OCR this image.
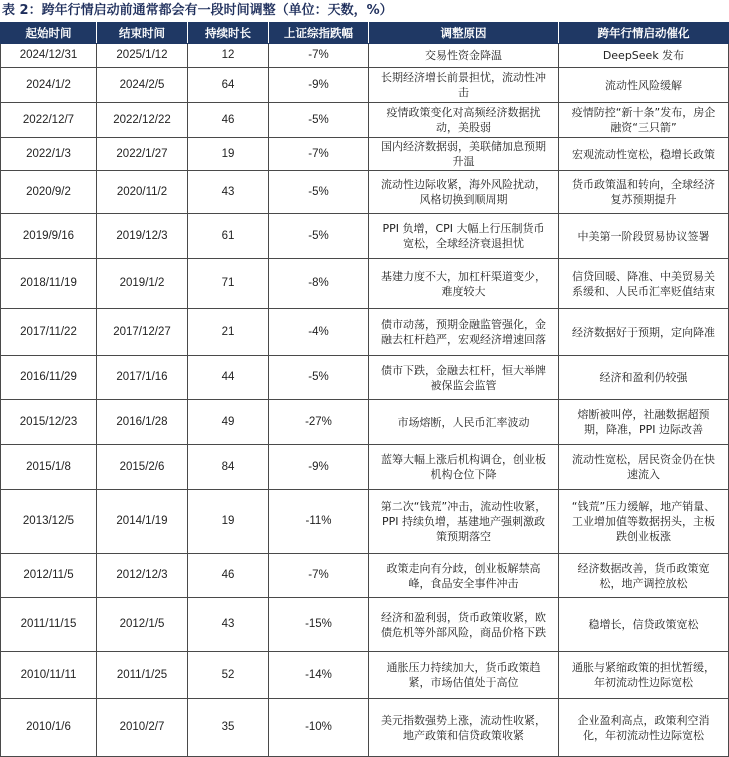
表 2：跨年行情启动前通常都会有一段时间调整（单位：天数，%）
起始时间	结束时间	持续时长	上证综指跌幅	调整原因	跨年行情启动催化
2024/12/31	2025/1/12	12	-7%	交易性资金降温	DeepSeek 发布
2024/1/2	2024/2/5	64	-9%	长期经济增长前景担忧，流动性冲击	流动性风险缓解
2022/12/7	2022/12/22	46	-5%	疫情政策变化对高频经济数据扰动，美股弱	疫情防控“新十条”发布，房企融资“三只箭”
2022/1/3	2022/1/27	19	-7%	国内经济数据弱，美联储加息预期升温	宏观流动性宽松，稳增长政策
2020/9/2	2020/11/2	43	-5%	流动性边际收紧，海外风险扰动，风格切换到顺周期	货币政策温和转向，全球经济复苏预期提升
2019/9/16	2019/12/3	61	-5%	PPI 负增，CPI 大幅上行压制货币宽松，全球经济衰退担忧	中美第一阶段贸易协议签署
2018/11/19	2019/1/2	71	-8%	基建力度不大，加杠杆渠道变少，难度较大	信贷回暖、降准、中美贸易关系缓和、人民币汇率贬值结束
2017/11/22	2017/12/27	21	-4%	债市动荡，预期金融监管强化，金融去杠杆趋严，宏观经济增速回落	经济数据好于预期，定向降准
2016/11/29	2017/1/16	44	-5%	债市下跌，金融去杠杆，恒大举牌被保监会监管	经济和盈利仍较强
2015/12/23	2016/1/28	49	-27%	市场熔断，人民币汇率波动	熔断被叫停，社融数据超预期，降准，PPI 边际改善
2015/1/8	2015/2/6	84	-9%	蓝筹大幅上涨后机构调仓，创业板机构仓位下降	流动性宽松，居民资金仍在快速流入
2013/12/5	2014/1/19	19	-11%	第二次“钱荒”冲击，流动性收紧，PPI 持续负增，基建地产强刺激政策预期落空	“钱荒”压力缓解，地产销量、工业增加值等数据拐头，主板跌创业板涨
2012/11/5	2012/12/3	46	-7%	政策走向有分歧，创业板解禁高峰，食品安全事件冲击	经济数据改善，货币政策宽松，地产调控放松
2011/11/15	2012/1/5	43	-15%	经济和盈利弱，货币政策收紧，欧债危机等外部风险，商品价格下跌	稳增长，信贷政策宽松
2010/11/11	2011/1/25	52	-14%	通胀压力持续加大，货币政策趋紧，市场估值处于高位	通胀与紧缩政策的担忧暂缓，年初流动性边际宽松
2010/1/6	2010/2/7	35	-10%	美元指数强势上涨，流动性收紧，地产政策和信贷政策收紧	企业盈利高点，政策利空消化，年初流动性边际宽松
